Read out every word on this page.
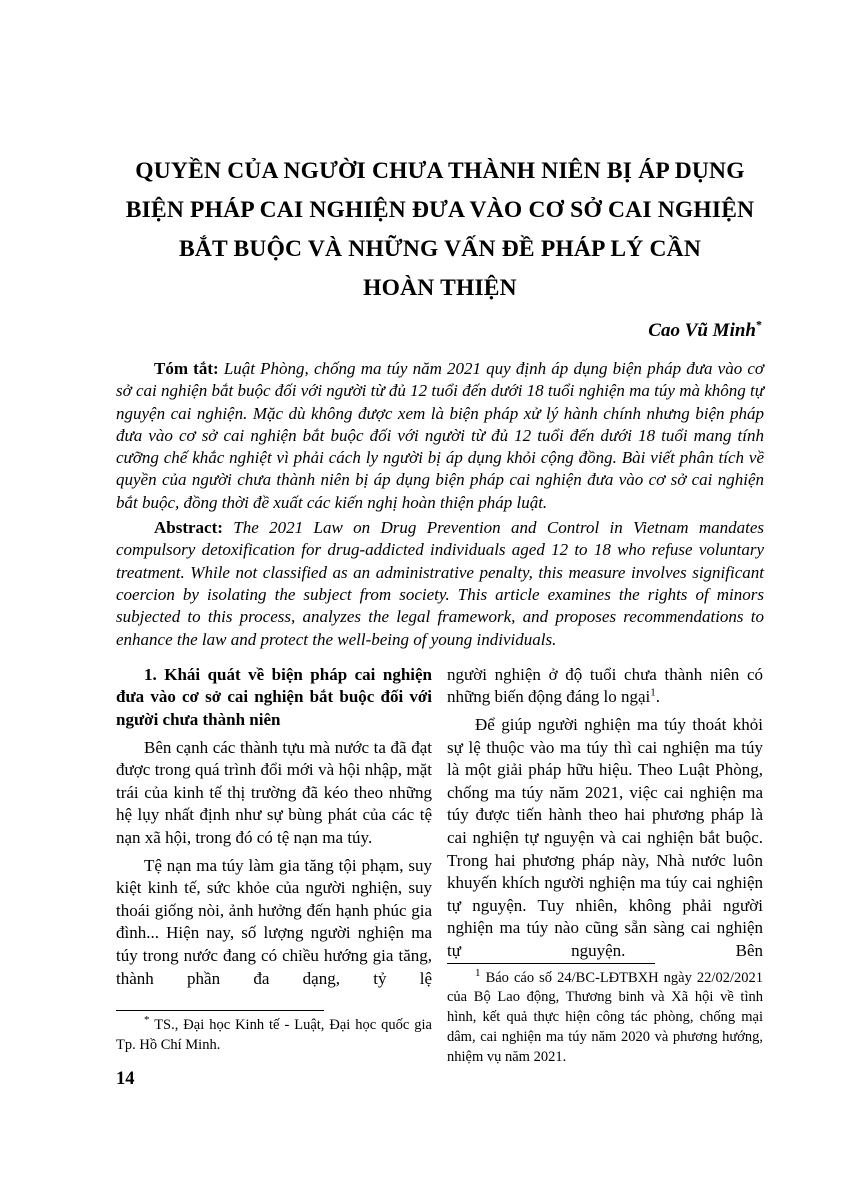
QUYỀN CỦA NGƯỜI CHƯA THÀNH NIÊN BỊ ÁP DỤNG
BIỆN PHÁP CAI NGHIỆN ĐƯA VÀO CƠ SỞ CAI NGHIỆN
BẮT BUỘC VÀ NHỮNG VẤN ĐỀ PHÁP LÝ CẦN
HOÀN THIỆN
Cao Vũ Minh*

Tóm tắt: Luật Phòng, chống ma túy năm 2021 quy định áp dụng biện pháp đưa vào cơ sở cai nghiện bắt buộc đối với người từ đủ 12 tuổi đến dưới 18 tuổi nghiện ma túy mà không tự nguyện cai nghiện. Mặc dù không được xem là biện pháp xử lý hành chính nhưng biện pháp đưa vào cơ sở cai nghiện bắt buộc đối với người từ đủ 12 tuổi đến dưới 18 tuổi mang tính cưỡng chế khắc nghiệt vì phải cách ly người bị áp dụng khỏi cộng đồng. Bài viết phân tích về quyền của người chưa thành niên bị áp dụng biện pháp cai nghiện đưa vào cơ sở cai nghiện bắt buộc, đồng thời đề xuất các kiến nghị hoàn thiện pháp luật.

Abstract: The 2021 Law on Drug Prevention and Control in Vietnam mandates compulsory detoxification for drug-addicted individuals aged 12 to 18 who refuse voluntary treatment. While not classified as an administrative penalty, this measure involves significant coercion by isolating the subject from society. This article examines the rights of minors subjected to this process, analyzes the legal framework, and proposes recommendations to enhance the law and protect the well-being of young individuals.

1. Khái quát về biện pháp cai nghiện đưa vào cơ sở cai nghiện bắt buộc đối với người chưa thành niên

Bên cạnh các thành tựu mà nước ta đã đạt được trong quá trình đổi mới và hội nhập, mặt trái của kinh tế thị trường đã kéo theo những hệ lụy nhất định như sự bùng phát của các tệ nạn xã hội, trong đó có tệ nạn ma túy.

Tệ nạn ma túy làm gia tăng tội phạm, suy kiệt kinh tế, sức khỏe của người nghiện, suy thoái giống nòi, ảnh hưởng đến hạnh phúc gia đình... Hiện nay, số lượng người nghiện ma túy trong nước đang có chiều hướng gia tăng, thành phần đa dạng, tỷ lệ

* TS., Đại học Kinh tế - Luật, Đại học quốc gia Tp. Hồ Chí Minh.

người nghiện ở độ tuổi chưa thành niên có những biến động đáng lo ngại$^1$.

Để giúp người nghiện ma túy thoát khỏi sự lệ thuộc vào ma túy thì cai nghiện ma túy là một giải pháp hữu hiệu. Theo Luật Phòng, chống ma túy năm 2021, việc cai nghiện ma túy được tiến hành theo hai phương pháp là cai nghiện tự nguyện và cai nghiện bắt buộc. Trong hai phương pháp này, Nhà nước luôn khuyến khích người nghiện ma túy cai nghiện tự nguyện. Tuy nhiên, không phải người nghiện ma túy nào cũng sẵn sàng cai nghiện tự nguyện. Bên

$^1$ Báo cáo số 24/BC-LĐTBXH ngày 22/02/2021 của Bộ Lao động, Thương binh và Xã hội về tình hình, kết quả thực hiện công tác phòng, chống mại dâm, cai nghiện ma túy năm 2020 và phương hướng, nhiệm vụ năm 2021.

14
